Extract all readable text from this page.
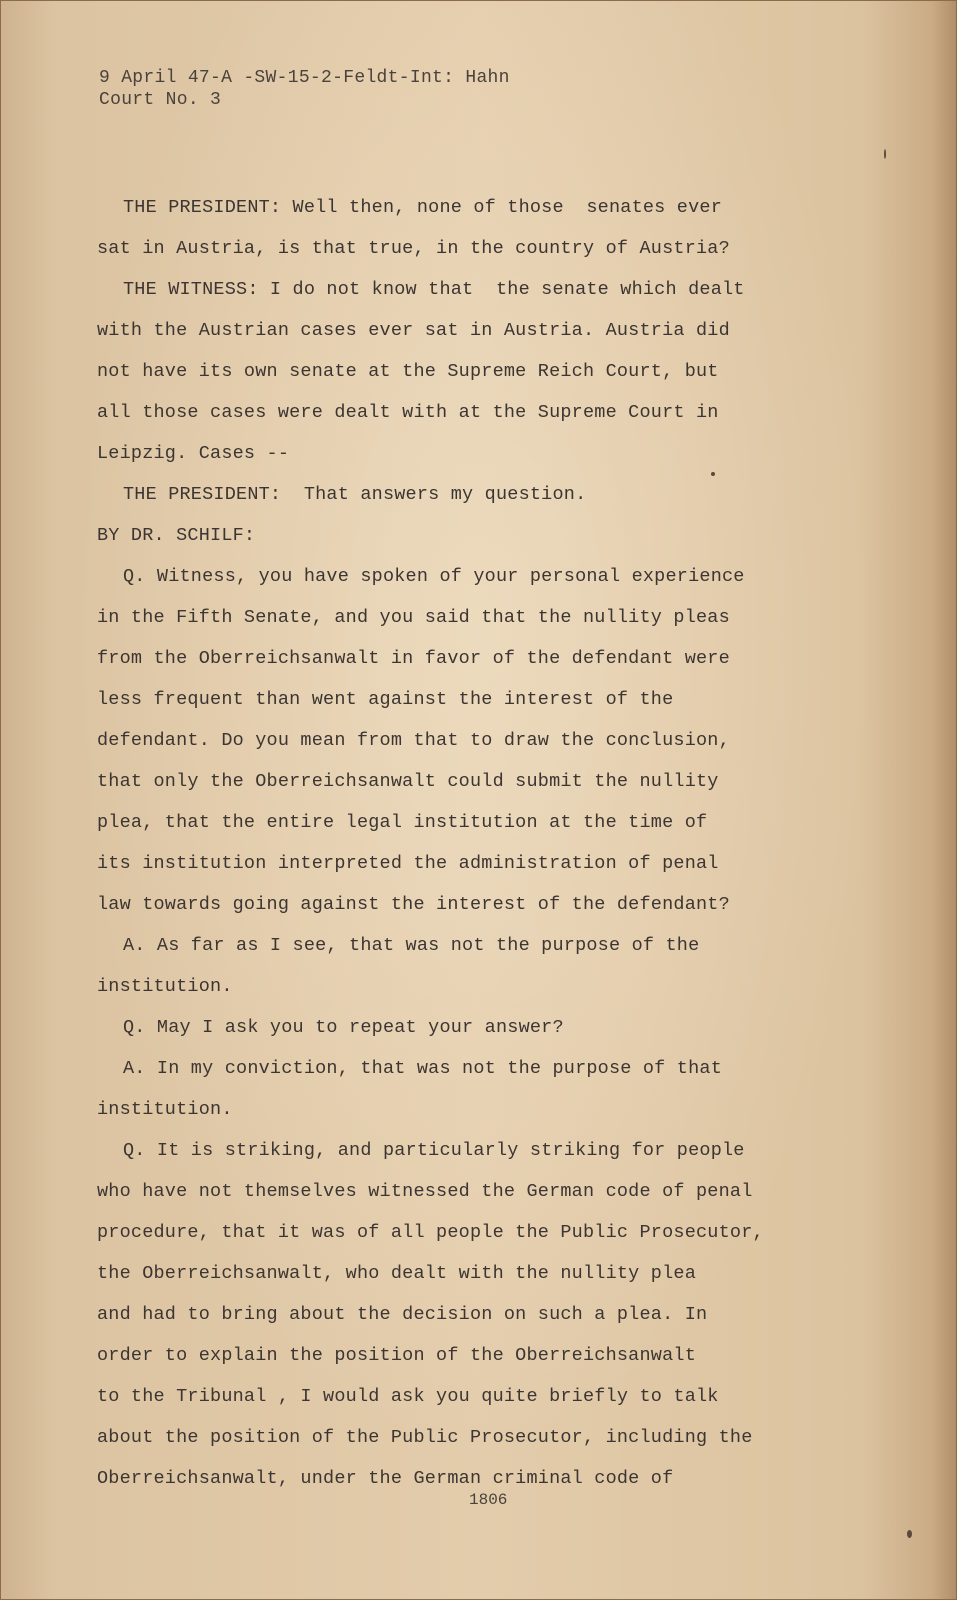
9 April 47-A -SW-15-2-Feldt-Int: Hahn
Court No. 3
THE PRESIDENT: Well then, none of those  senates ever
sat in Austria, is that true, in the country of Austria?
THE WITNESS: I do not know that  the senate which dealt
with the Austrian cases ever sat in Austria. Austria did
not have its own senate at the Supreme Reich Court, but
all those cases were dealt with at the Supreme Court in
Leipzig. Cases --
THE PRESIDENT:  That answers my question.
BY DR. SCHILF:
Q. Witness, you have spoken of your personal experience
in the Fifth Senate, and you said that the nullity pleas
from the Oberreichsanwalt in favor of the defendant were
less frequent than went against the interest of the
defendant. Do you mean from that to draw the conclusion,
that only the Oberreichsanwalt could submit the nullity
plea, that the entire legal institution at the time of
its institution interpreted the administration of penal
law towards going against the interest of the defendant?
A. As far as I see, that was not the purpose of the
institution.
Q. May I ask you to repeat your answer?
A. In my conviction, that was not the purpose of that
institution.
Q. It is striking, and particularly striking for people
who have not themselves witnessed the German code of penal
procedure, that it was of all people the Public Prosecutor,
the Oberreichsanwalt, who dealt with the nullity plea
and had to bring about the decision on such a plea. In
order to explain the position of the Oberreichsanwalt
to the Tribunal , I would ask you quite briefly to talk
about the position of the Public Prosecutor, including the
Oberreichsanwalt, under the German criminal code of
1806
